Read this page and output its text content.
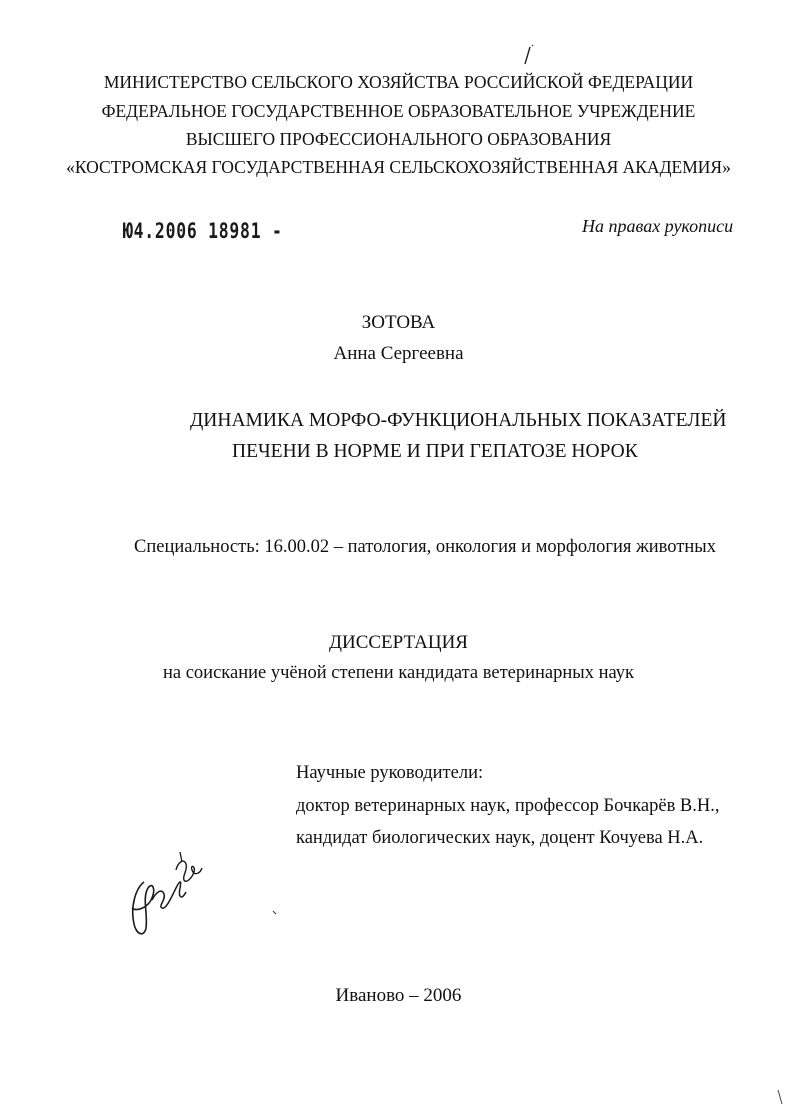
МИНИСТЕРСТВО СЕЛЬСКОГО ХОЗЯЙСТВА РОССИЙСКОЙ ФЕДЕРАЦИИ
ФЕДЕРАЛЬНОЕ ГОСУДАРСТВЕННОЕ ОБРАЗОВАТЕЛЬНОЕ УЧРЕЖДЕНИЕ
ВЫСШЕГО ПРОФЕССИОНАЛЬНОГО ОБРАЗОВАНИЯ
«КОСТРОМСКАЯ ГОСУДАРСТВЕННАЯ СЕЛЬСКОХОЗЯЙСТВЕННАЯ АКАДЕМИЯ»
Ю4.2006 18981 -	На правах рукописи
ЗОТОВА
Анна Сергеевна
ДИНАМИКА МОРФО-ФУНКЦИОНАЛЬНЫХ ПОКАЗАТЕЛЕЙ
ПЕЧЕНИ В НОРМЕ И ПРИ ГЕПАТОЗЕ НОРОК
Специальность: 16.00.02 – патология, онкология и морфология животных
ДИССЕРТАЦИЯ
на соискание учёной степени кандидата ветеринарных наук
Научные руководители:
доктор ветеринарных наук, профессор Бочкарёв В.Н.,
кандидат биологических наук, доцент Кочуева Н.А.
Иваново – 2006
